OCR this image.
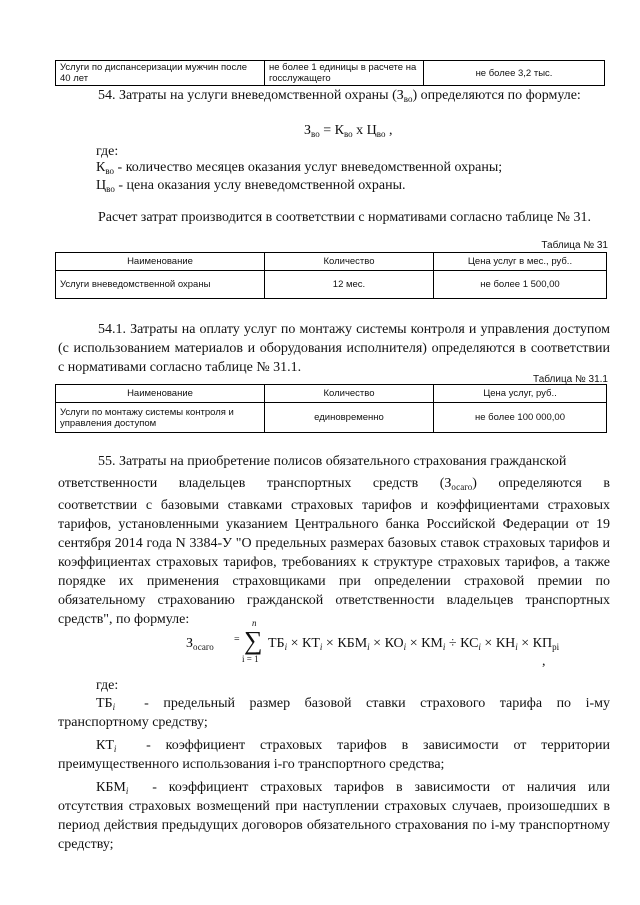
Услуги по диспансеризации мужчин после 40 лет	не более 1 единицы в расчете на госслужащего	не более 3,2 тыс.
54. Затраты на услуги вневедомственной охраны $(З_{во})$ определяются по формуле:
$З_{во} = К_{во}$ x $Ц_{во}$ ,
где:
$К_{во}$ - количество месяцев оказания услуг вневедомственной охраны;
$Ц_{во}$ - цена оказания услу вневедомственной охраны.
Расчет затрат производится в соответствии с нормативами согласно таблице № 31.
Таблица № 31
Наименование	Количество	Цена услуг в мес., руб..
Услуги вневедомственной охраны	12 мес.	не более 1 500,00
54.1. Затраты на оплату услуг по монтажу системы контроля и управления доступом (с использованием материалов и оборудования исполнителя) определяются в соответствии с нормативами согласно таблице № 31.1.
Таблица № 31.1
Наименование	Количество	Цена услуг, руб..
Услуги по монтажу системы контроля и управления доступом	единовременно	не более 100 000,00
55. Затраты на приобретение полисов обязательного страхования гражданской
ответственности владельцев транспортных средств $(З_{осаго})$ определяются в
соответствии с базовыми ставками страховых тарифов и коэффициентами страховых тарифов, установленными указанием Центрального банка Российской Федерации от 19 сентября 2014 года N 3384-У "О предельных размерах базовых ставок страховых тарифов и коэффициентах страховых тарифов, требованиях к структуре страховых тарифов, а также порядке их применения страховщиками при определении страховой премии по обязательному страхованию гражданской ответственности владельцев транспортных средств", по формуле:
$З_{осаго}$
=
n
∑
i = 1
$ТБ_i \times КТ_i \times КБМ_i \times КО_i \times КМ_i \div КС_i \times КН_i \times КП_{pi}$
,
где:
$ТБ_i$ - предельный размер базовой ставки страхового тарифа по i-му
транспортному средству;
$КТ_i$ - коэффициент страховых тарифов в зависимости от территории
преимущественного использования i-го транспортного средства;
$КБМ_i$ - коэффициент страховых тарифов в зависимости от наличия или
отсутствия страховых возмещений при наступлении страховых случаев, произошедших в период действия предыдущих договоров обязательного страхования по i-му транспортному средству;
